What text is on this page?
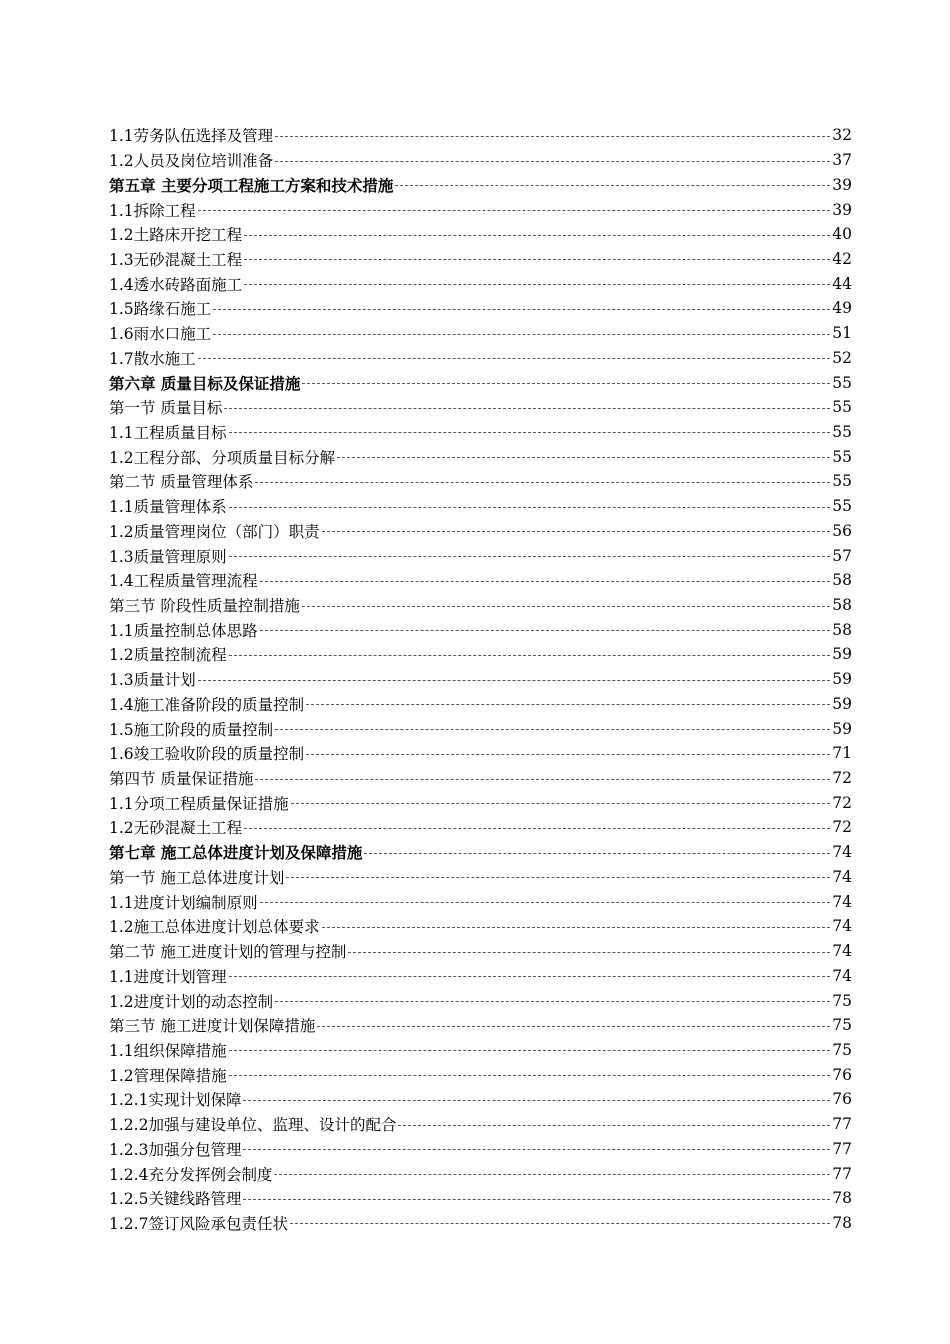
1.1劳务队伍选择及管理	32
1.2人员及岗位培训准备	37
第五章 主要分项工程施工方案和技术措施	39
1.1拆除工程	39
1.2土路床开挖工程	40
1.3无砂混凝土工程	42
1.4透水砖路面施工	44
1.5路缘石施工	49
1.6雨水口施工	51
1.7散水施工	52
第六章 质量目标及保证措施	55
第一节 质量目标	55
1.1工程质量目标	55
1.2工程分部、分项质量目标分解	55
第二节 质量管理体系	55
1.1质量管理体系	55
1.2质量管理岗位（部门）职责	56
1.3质量管理原则	57
1.4工程质量管理流程	58
第三节 阶段性质量控制措施	58
1.1质量控制总体思路	58
1.2质量控制流程	59
1.3质量计划	59
1.4施工准备阶段的质量控制	59
1.5施工阶段的质量控制	59
1.6竣工验收阶段的质量控制	71
第四节 质量保证措施	72
1.1分项工程质量保证措施	72
1.2无砂混凝土工程	72
第七章 施工总体进度计划及保障措施	74
第一节 施工总体进度计划	74
1.1进度计划编制原则	74
1.2施工总体进度计划总体要求	74
第二节 施工进度计划的管理与控制	74
1.1进度计划管理	74
1.2进度计划的动态控制	75
第三节 施工进度计划保障措施	75
1.1组织保障措施	75
1.2管理保障措施	76
1.2.1实现计划保障	76
1.2.2加强与建设单位、监理、设计的配合	77
1.2.3加强分包管理	77
1.2.4充分发挥例会制度	77
1.2.5关键线路管理	78
1.2.7签订风险承包责任状	78
